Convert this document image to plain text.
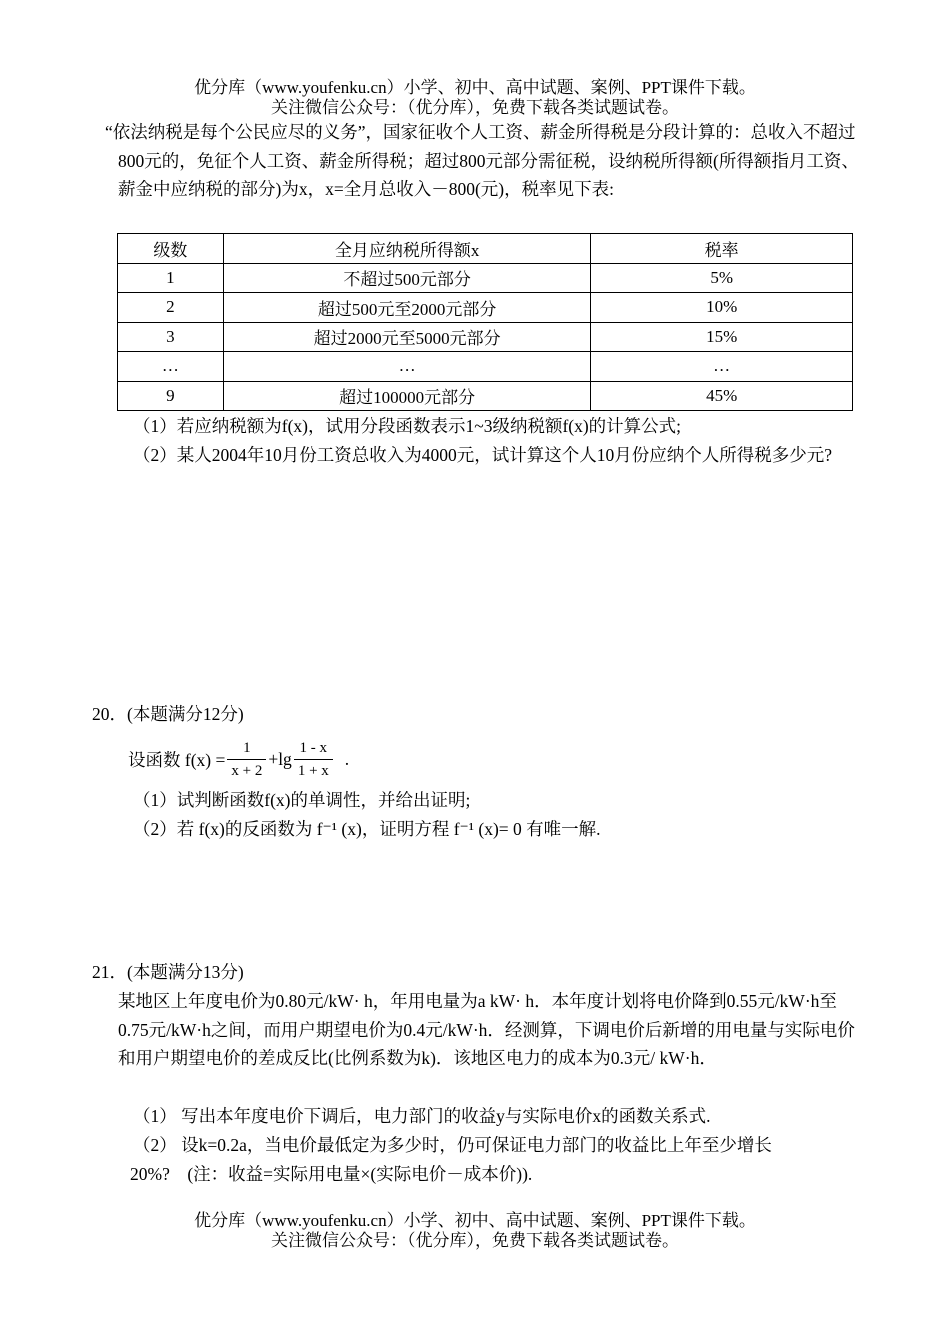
优分库（www.youfenku.cn）小学、初中、高中试题、案例、PPT课件下载。
关注微信公众号：（优分库），免费下载各类试题试卷。
“依法纳税是每个公民应尽的义务”，国家征收个人工资、薪金所得税是分段计算的：总收入不超过800元的，免征个人工资、薪金所得税；超过800元部分需征税，设纳税所得额(所得额指月工资、薪金中应纳税的部分)为x，x=全月总收入－800(元)，税率见下表:
级数	全月应纳税所得额x	税率
1	不超过500元部分	5%
2	超过500元至2000元部分	10%
3	超过2000元至5000元部分	15%
…	…	…
9	超过100000元部分	45%
（1）若应纳税额为f(x)，试用分段函数表示1~3级纳税额f(x)的计算公式;
（2）某人2004年10月份工资总收入为4000元，试计算这个人10月份应纳个人所得税多少元?
20．(本题满分12分)
设函数 $f(x) = \frac{1}{x + 2} +\lg \frac{1 - x}{1 + x}$ .
（1）试判断函数f(x)的单调性，并给出证明;
（2）若 f(x)的反函数为 f⁻¹ (x)，证明方程 f⁻¹ (x)= 0 有唯一解.
21．(本题满分13分)
某地区上年度电价为0.80元/kW· h，年用电量为a kW· h．本年度计划将电价降到0.55元/kW·h至0.75元/kW·h之间，而用户期望电价为0.4元/kW·h．经测算，下调电价后新增的用电量与实际电价和用户期望电价的差成反比(比例系数为k)．该地区电力的成本为0.3元/ kW·h．
（1） 写出本年度电价下调后，电力部门的收益y与实际电价x的函数关系式.
（2） 设k=0.2a，当电价最低定为多少时，仍可保证电力部门的收益比上年至少增长
20%?　(注：收益=实际用电量×(实际电价－成本价)).
优分库（www.youfenku.cn）小学、初中、高中试题、案例、PPT课件下载。
关注微信公众号：（优分库），免费下载各类试题试卷。
